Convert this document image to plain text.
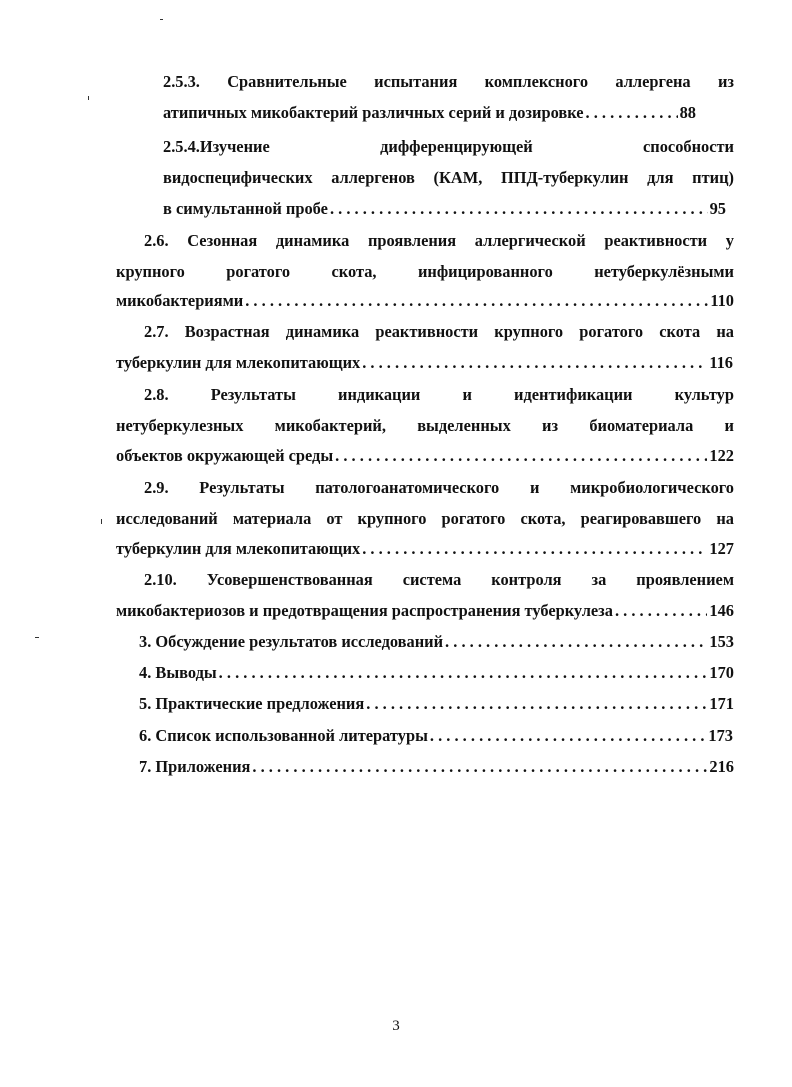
2.5.3. Сравнительные испытания комплексного аллергена из
атипичных микобактерий различных серий и дозировке . . .	88
2.5.4.Изучение дифференцирующей способности
видоспецифических аллергенов (КАМ, ППД-туберкулин для птиц)
в симультанной пробе . . .	95
2.6. Сезонная динамика проявления аллергической реактивности у
крупного рогатого скота, инфицированного нетуберкулёзными
микобактериями . . .	110
2.7. Возрастная динамика реактивности крупного рогатого скота на
туберкулин для млекопитающих . . .	116
2.8. Результаты индикации и идентификации культур
нетуберкулезных микобактерий, выделенных из биоматериала и
объектов окружающей среды . . .	122
2.9. Результаты патологоанатомического и микробиологического
исследований материала от крупного рогатого скота, реагировавшего на
туберкулин для млекопитающих . . .	127
2.10. Усовершенствованная система контроля за проявлением
микобактериозов и предотвращения распространения туберкулеза . . .	146
3. Обсуждение результатов исследований . . .	153
4. Выводы . . .	170
5. Практические предложения . . .	171
6. Список использованной литературы . . .	173
7. Приложения . . .	216
3
